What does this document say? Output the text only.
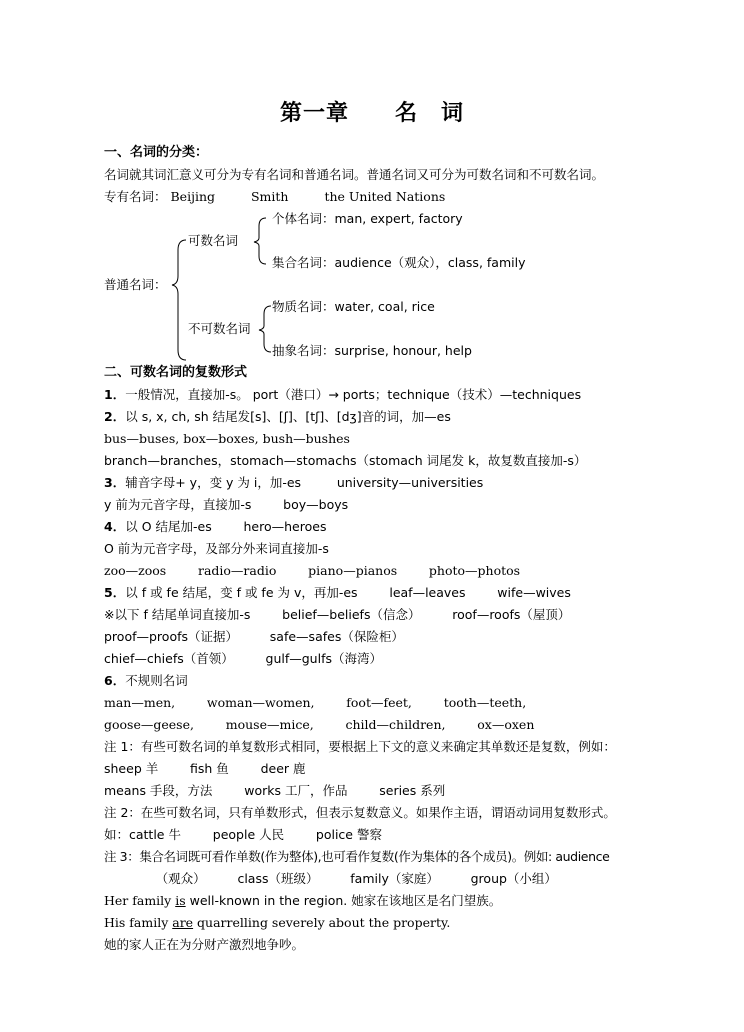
第一章 名　词
一、名词的分类：
名词就其词汇意义可分为专有名词和普通名词。普通名词又可分为可数名词和不可数名词。
专有名词： Beijing	Smith	the United Nations
个体名词：man, expert, factory
可数名词
集合名词：audience（观众），class, family
普通名词：
物质名词：water, coal, rice
不可数名词
抽象名词：surprise, honour, help
二、可数名词的复数形式
1．一般情况，直接加-s。 port（港口）→ ports；technique（技术）—techniques
2．以 s, x, ch, sh 结尾发[s]、[ʃ]、[tʃ]、[dʒ]音的词，加—es
bus—buses, box—boxes, bush—bushes
branch—branches，stomach—stomachs（stomach 词尾发 k，故复数直接加-s）
3．辅音字母+ y，变 y 为 i，加-es         university—universities
y 前为元音字母，直接加-s        boy—boys
4．以 O 结尾加-es        hero—heroes
O 前为元音字母，及部分外来词直接加-s
zoo—zoos        radio—radio        piano—pianos        photo—photos
5．以 f 或 fe 结尾，变 f 或 fe 为 v，再加-es        leaf—leaves        wife—wives
※以下 f 结尾单词直接加-s        belief—beliefs（信念）        roof—roofs（屋顶）
proof—proofs（证据）        safe—safes（保险柜）
chief—chiefs（首领）        gulf—gulfs（海湾）
6．不规则名词
man—men,        woman—women,        foot—feet,        tooth—teeth,
goose—geese,        mouse—mice,        child—children,        ox—oxen
注 1：有些可数名词的单复数形式相同，要根据上下文的意义来确定其单数还是复数，例如：
sheep 羊        fish 鱼        deer 鹿
means 手段，方法        works 工厂，作品        series 系列
注 2：在些可数名词，只有单数形式，但表示复数意义。如果作主语，谓语动词用复数形式。
如：cattle 牛        people 人民        police 警察
注 3：集合名词既可看作单数(作为整体),也可看作复数(作为集体的各个成员)。例如: audience
（观众）        class（班级）        family（家庭）        group（小组）
Her family is well-known in the region. 她家在该地区是名门望族。
His family are quarrelling severely about the property.
她的家人正在为分财产激烈地争吵。
